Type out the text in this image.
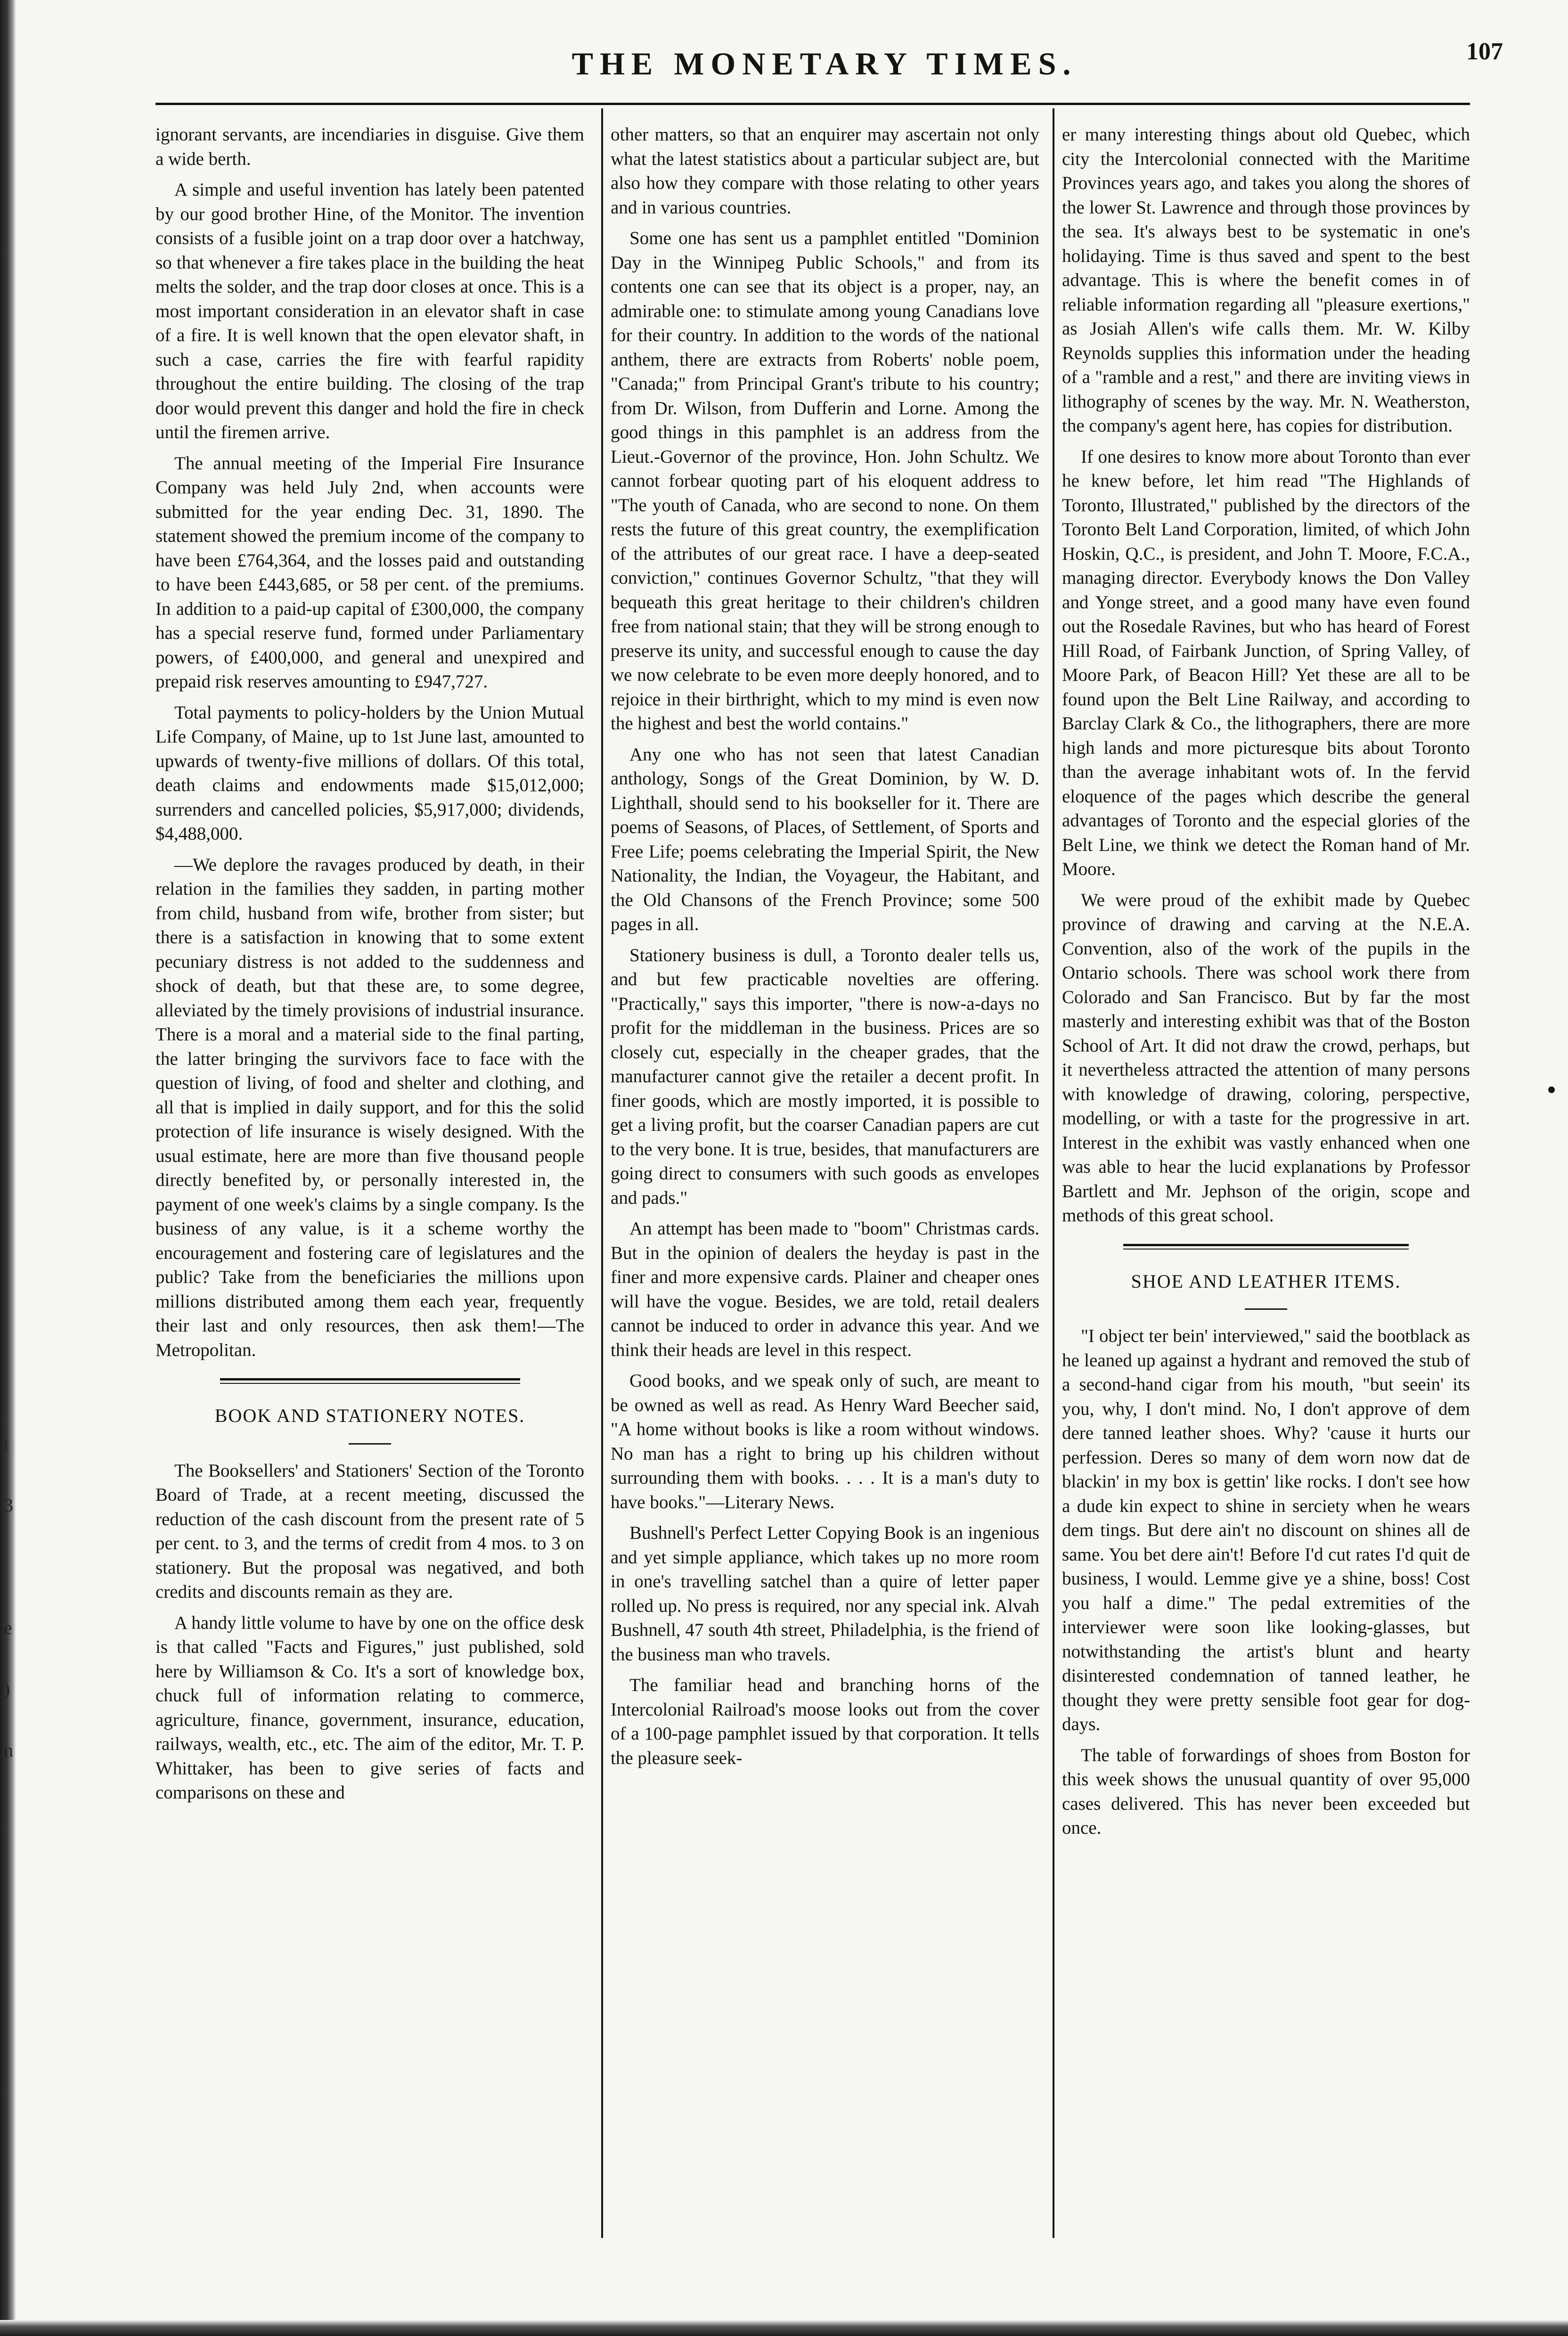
THE MONETARY TIMES.	107

ignorant servants, are incendiaries in disguise. Give them a wide berth.

A simple and useful invention has lately been patented by our good brother Hine, of the Monitor. The invention consists of a fusible joint on a trap door over a hatchway, so that whenever a fire takes place in the building the heat melts the solder, and the trap door closes at once. This is a most important consideration in an elevator shaft in case of a fire. It is well known that the open elevator shaft, in such a case, carries the fire with fearful rapidity throughout the entire building. The closing of the trap door would prevent this danger and hold the fire in check until the firemen arrive.

The annual meeting of the Imperial Fire Insurance Company was held July 2nd, when accounts were submitted for the year ending Dec. 31, 1890. The statement showed the premium income of the company to have been £764,364, and the losses paid and outstanding to have been £443,685, or 58 per cent. of the premiums. In addition to a paid-up capital of £300,000, the company has a special reserve fund, formed under Parliamentary powers, of £400,000, and general and unexpired and prepaid risk reserves amounting to £947,727.

Total payments to policy-holders by the Union Mutual Life Company, of Maine, up to 1st June last, amounted to upwards of twenty-five millions of dollars. Of this total, death claims and endowments made $15,012,000; surrenders and cancelled policies, $5,917,000; dividends, $4,488,000.

—We deplore the ravages produced by death, in their relation in the families they sadden, in parting mother from child, husband from wife, brother from sister; but there is a satisfaction in knowing that to some extent pecuniary distress is not added to the suddenness and shock of death, but that these are, to some degree, alleviated by the timely provisions of industrial insurance. There is a moral and a material side to the final parting, the latter bringing the survivors face to face with the question of living, of food and shelter and clothing, and all that is implied in daily support, and for this the solid protection of life insurance is wisely designed. With the usual estimate, here are more than five thousand people directly benefited by, or personally interested in, the payment of one week's claims by a single company. Is the business of any value, is it a scheme worthy the encouragement and fostering care of legislatures and the public? Take from the beneficiaries the millions upon millions distributed among them each year, frequently their last and only resources, then ask them!—The Metropolitan.

BOOK AND STATIONERY NOTES.

The Booksellers' and Stationers' Section of the Toronto Board of Trade, at a recent meeting, discussed the reduction of the cash discount from the present rate of 5 per cent. to 3, and the terms of credit from 4 mos. to 3 on stationery. But the proposal was negatived, and both credits and discounts remain as they are.

A handy little volume to have by one on the office desk is that called "Facts and Figures," just published, sold here by Williamson & Co. It's a sort of knowledge box, chuck full of information relating to commerce, agriculture, finance, government, insurance, education, railways, wealth, etc., etc. The aim of the editor, Mr. T. P. Whittaker, has been to give series of facts and comparisons on these and

other matters, so that an enquirer may ascertain not only what the latest statistics about a particular subject are, but also how they compare with those relating to other years and in various countries.

Some one has sent us a pamphlet entitled "Dominion Day in the Winnipeg Public Schools," and from its contents one can see that its object is a proper, nay, an admirable one: to stimulate among young Canadians love for their country. In addition to the words of the national anthem, there are extracts from Roberts' noble poem, "Canada;" from Principal Grant's tribute to his country; from Dr. Wilson, from Dufferin and Lorne. Among the good things in this pamphlet is an address from the Lieut.-Governor of the province, Hon. John Schultz. We cannot forbear quoting part of his eloquent address to "The youth of Canada, who are second to none. On them rests the future of this great country, the exemplification of the attributes of our great race. I have a deep-seated conviction," continues Governor Schultz, "that they will bequeath this great heritage to their children's children free from national stain; that they will be strong enough to preserve its unity, and successful enough to cause the day we now celebrate to be even more deeply honored, and to rejoice in their birthright, which to my mind is even now the highest and best the world contains."

Any one who has not seen that latest Canadian anthology, Songs of the Great Dominion, by W. D. Lighthall, should send to his bookseller for it. There are poems of Seasons, of Places, of Settlement, of Sports and Free Life; poems celebrating the Imperial Spirit, the New Nationality, the Indian, the Voyageur, the Habitant, and the Old Chansons of the French Province; some 500 pages in all.

Stationery business is dull, a Toronto dealer tells us, and but few practicable novelties are offering. "Practically," says this importer, "there is now-a-days no profit for the middleman in the business. Prices are so closely cut, especially in the cheaper grades, that the manufacturer cannot give the retailer a decent profit. In finer goods, which are mostly imported, it is possible to get a living profit, but the coarser Canadian papers are cut to the very bone. It is true, besides, that manufacturers are going direct to consumers with such goods as envelopes and pads."

An attempt has been made to "boom" Christmas cards. But in the opinion of dealers the heyday is past in the finer and more expensive cards. Plainer and cheaper ones will have the vogue. Besides, we are told, retail dealers cannot be induced to order in advance this year. And we think their heads are level in this respect.

Good books, and we speak only of such, are meant to be owned as well as read. As Henry Ward Beecher said, "A home without books is like a room without windows. No man has a right to bring up his children without surrounding them with books. . . . It is a man's duty to have books."—Literary News.

Bushnell's Perfect Letter Copying Book is an ingenious and yet simple appliance, which takes up no more room in one's travelling satchel than a quire of letter paper rolled up. No press is required, nor any special ink. Alvah Bushnell, 47 south 4th street, Philadelphia, is the friend of the business man who travels.

The familiar head and branching horns of the Intercolonial Railroad's moose looks out from the cover of a 100-page pamphlet issued by that corporation. It tells the pleasure seek-

er many interesting things about old Quebec, which city the Intercolonial connected with the Maritime Provinces years ago, and takes you along the shores of the lower St. Lawrence and through those provinces by the sea. It's always best to be systematic in one's holidaying. Time is thus saved and spent to the best advantage. This is where the benefit comes in of reliable information regarding all "pleasure exertions," as Josiah Allen's wife calls them. Mr. W. Kilby Reynolds supplies this information under the heading of a "ramble and a rest," and there are inviting views in lithography of scenes by the way. Mr. N. Weatherston, the company's agent here, has copies for distribution.

If one desires to know more about Toronto than ever he knew before, let him read "The Highlands of Toronto, Illustrated," published by the directors of the Toronto Belt Land Corporation, limited, of which John Hoskin, Q.C., is president, and John T. Moore, F.C.A., managing director. Everybody knows the Don Valley and Yonge street, and a good many have even found out the Rosedale Ravines, but who has heard of Forest Hill Road, of Fairbank Junction, of Spring Valley, of Moore Park, of Beacon Hill? Yet these are all to be found upon the Belt Line Railway, and according to Barclay Clark & Co., the lithographers, there are more high lands and more picturesque bits about Toronto than the average inhabitant wots of. In the fervid eloquence of the pages which describe the general advantages of Toronto and the especial glories of the Belt Line, we think we detect the Roman hand of Mr. Moore.

We were proud of the exhibit made by Quebec province of drawing and carving at the N.E.A. Convention, also of the work of the pupils in the Ontario schools. There was school work there from Colorado and San Francisco. But by far the most masterly and interesting exhibit was that of the Boston School of Art. It did not draw the crowd, perhaps, but it nevertheless attracted the attention of many persons with knowledge of drawing, coloring, perspective, modelling, or with a taste for the progressive in art. Interest in the exhibit was vastly enhanced when one was able to hear the lucid explanations by Professor Bartlett and Mr. Jephson of the origin, scope and methods of this great school.

SHOE AND LEATHER ITEMS.

"I object ter bein' interviewed," said the bootblack as he leaned up against a hydrant and removed the stub of a second-hand cigar from his mouth, "but seein' its you, why, I don't mind. No, I don't approve of dem dere tanned leather shoes. Why? 'cause it hurts our perfession. Deres so many of dem worn now dat de blackin' in my box is gettin' like rocks. I don't see how a dude kin expect to shine in serciety when he wears dem tings. But dere ain't no discount on shines all de same. You bet dere ain't! Before I'd cut rates I'd quit de business, I would. Lemme give ye a shine, boss! Cost you half a dime." The pedal extremities of the interviewer were soon like looking-glasses, but notwithstanding the artist's blunt and hearty disinterested condemnation of tanned leather, he thought they were pretty sensible foot gear for dog-days.

The table of forwardings of shoes from Boston for this week shows the unusual quantity of over 95,000 cases delivered. This has never been exceeded but once.

t
3

e
)
n
